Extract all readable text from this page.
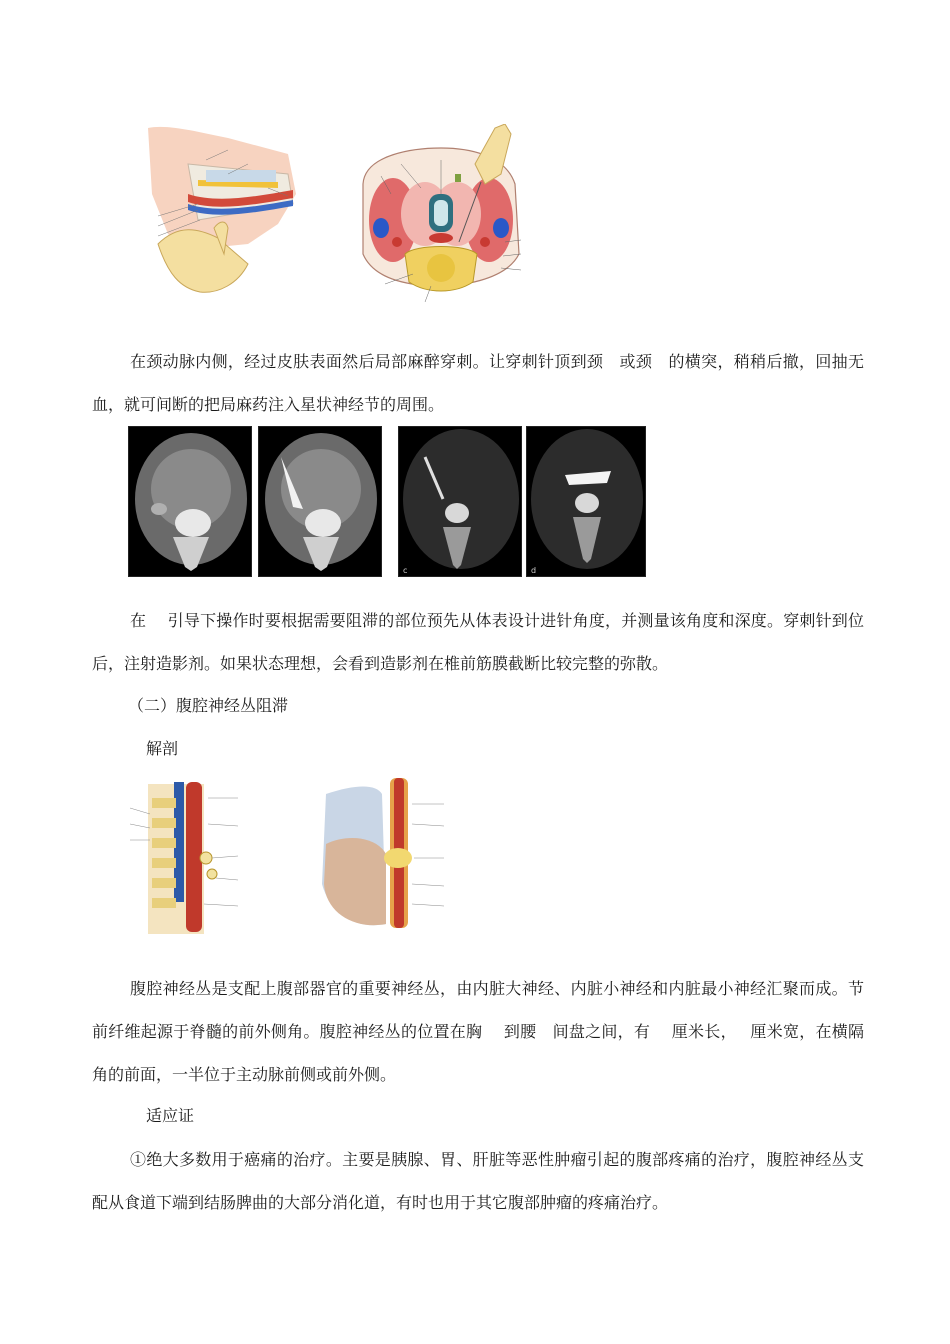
在颈动脉内侧，经过皮肤表面然后局部麻醉穿刺。让穿刺针顶到颈　或颈　的横突，稍稍后撤，回抽无血，就可间断的把局麻药注入星状神经节的周围。

c	d

在　 引导下操作时要根据需要阻滞的部位预先从体表设计进针角度，并测量该角度和深度。穿刺针到位后，注射造影剂。如果状态理想，会看到造影剂在椎前筋膜截断比较完整的弥散。

（二）腹腔神经丛阻滞
解剖

腹腔神经丛是支配上腹部器官的重要神经丛，由内脏大神经、内脏小神经和内脏最小神经汇聚而成。节前纤维起源于脊髓的前外侧角。腹腔神经丛的位置在胸　 到腰　间盘之间，有　 厘米长，　 厘米宽，在横隔角的前面，一半位于主动脉前侧或前外侧。

适应证

①绝大多数用于癌痛的治疗。主要是胰腺、胃、肝脏等恶性肿瘤引起的腹部疼痛的治疗，腹腔神经丛支配从食道下端到结肠脾曲的大部分消化道，有时也用于其它腹部肿瘤的疼痛治疗。
